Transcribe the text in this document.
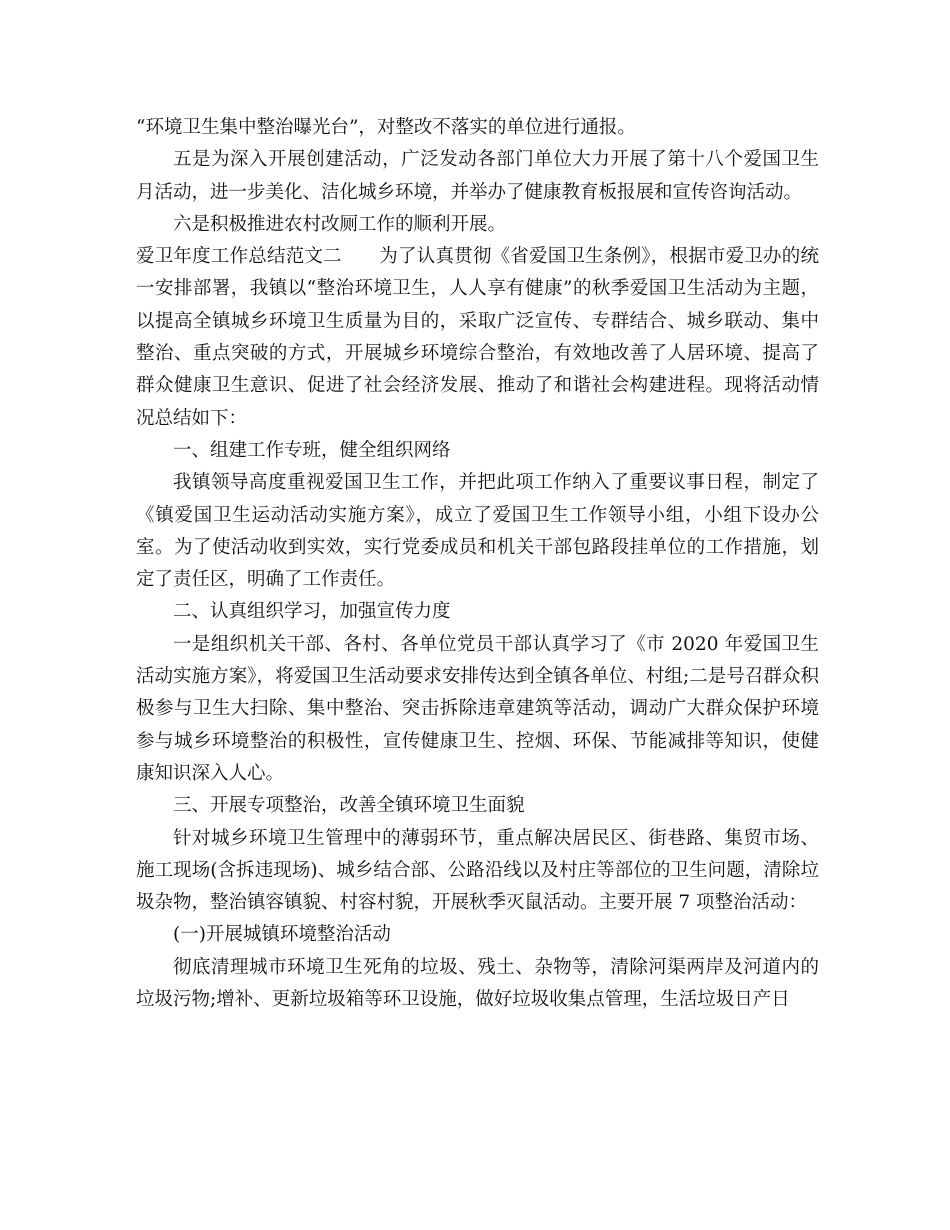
“环境卫生集中整治曝光台”，对整改不落实的单位进行通报。

五是为深入开展创建活动，广泛发动各部门单位大力开展了第十八个爱国卫生月活动，进一步美化、洁化城乡环境，并举办了健康教育板报展和宣传咨询活动。

六是积极推进农村改厕工作的顺利开展。

爱卫年度工作总结范文二　　为了认真贯彻《省爱国卫生条例》，根据市爱卫办的统一安排部署，我镇以“整治环境卫生，人人享有健康”的秋季爱国卫生活动为主题，以提高全镇城乡环境卫生质量为目的，采取广泛宣传、专群结合、城乡联动、集中整治、重点突破的方式，开展城乡环境综合整治，有效地改善了人居环境、提高了群众健康卫生意识、促进了社会经济发展、推动了和谐社会构建进程。现将活动情况总结如下：

一、组建工作专班，健全组织网络

我镇领导高度重视爱国卫生工作，并把此项工作纳入了重要议事日程，制定了《镇爱国卫生运动活动实施方案》，成立了爱国卫生工作领导小组，小组下设办公室。为了使活动收到实效，实行党委成员和机关干部包路段挂单位的工作措施，划定了责任区，明确了工作责任。

二、认真组织学习，加强宣传力度

一是组织机关干部、各村、各单位党员干部认真学习了《市 2020 年爱国卫生活动实施方案》，将爱国卫生活动要求安排传达到全镇各单位、村组;二是号召群众积极参与卫生大扫除、集中整治、突击拆除违章建筑等活动，调动广大群众保护环境参与城乡环境整治的积极性，宣传健康卫生、控烟、环保、节能减排等知识，使健康知识深入人心。

三、开展专项整治，改善全镇环境卫生面貌

针对城乡环境卫生管理中的薄弱环节，重点解决居民区、街巷路、集贸市场、施工现场(含拆违现场)、城乡结合部、公路沿线以及村庄等部位的卫生问题，清除垃圾杂物，整治镇容镇貌、村容村貌，开展秋季灭鼠活动。主要开展 7 项整治活动：

(一)开展城镇环境整治活动

彻底清理城市环境卫生死角的垃圾、残土、杂物等，清除河渠两岸及河道内的垃圾污物;增补、更新垃圾箱等环卫设施，做好垃圾收集点管理，生活垃圾日产日
